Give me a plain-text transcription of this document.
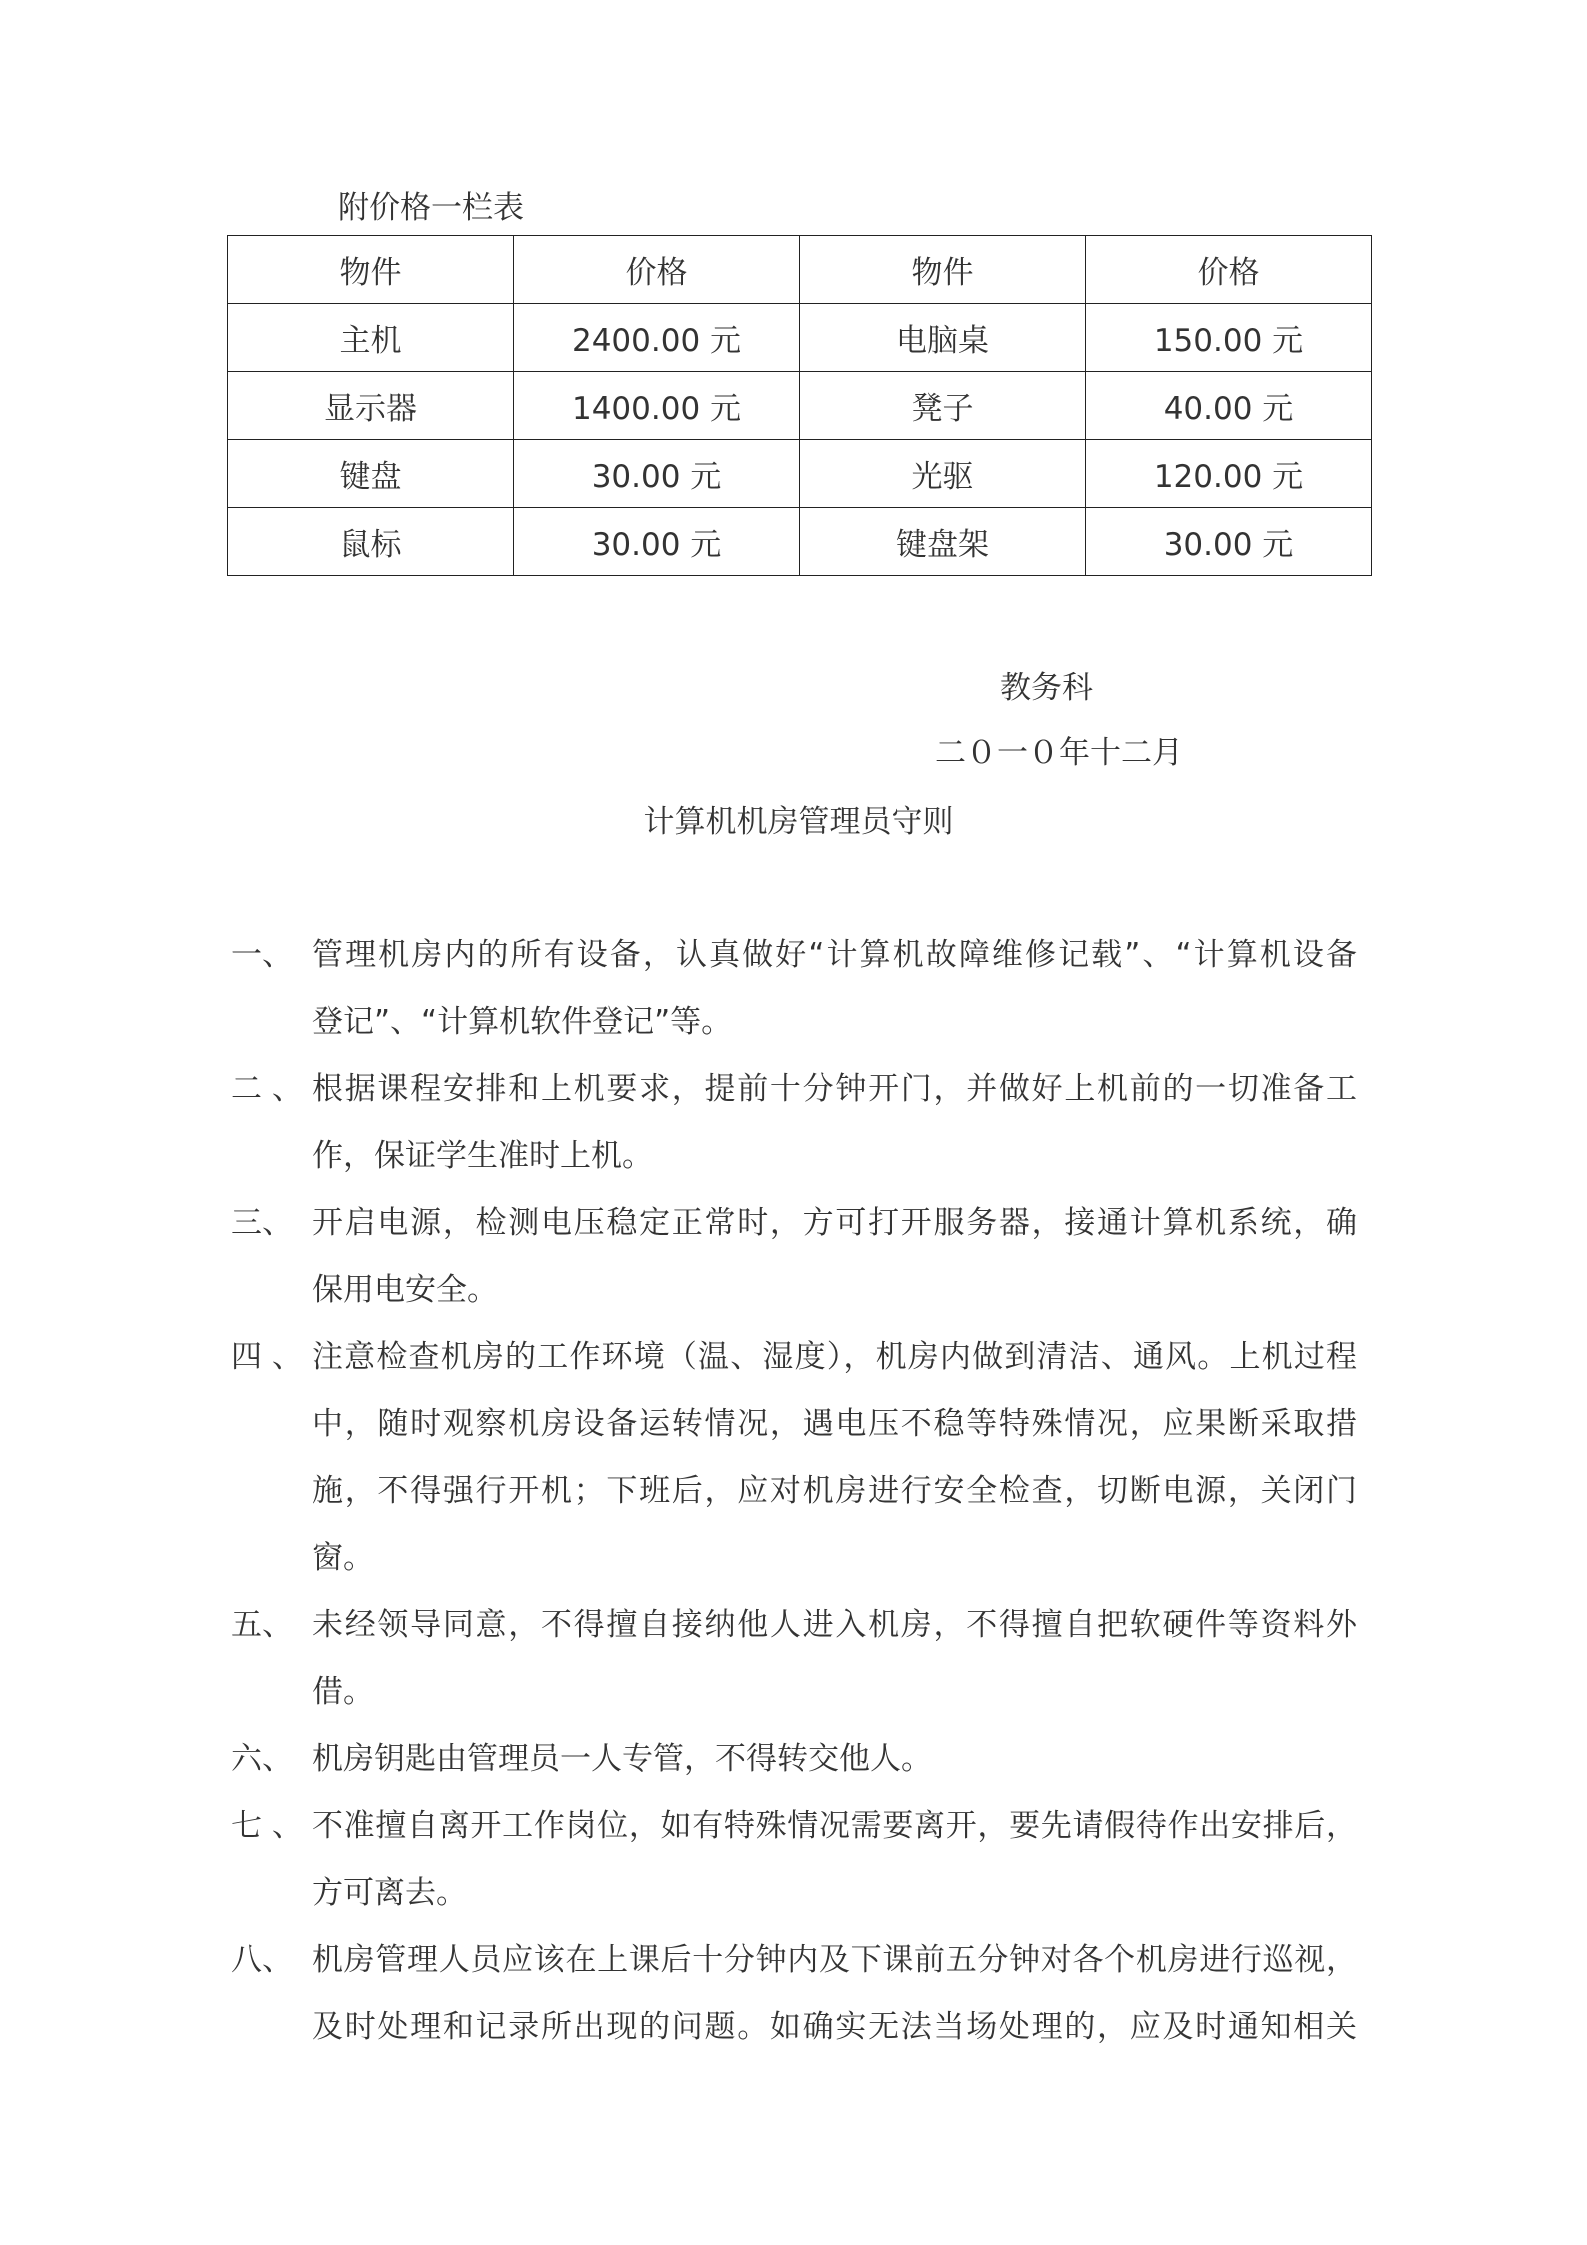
附价格一栏表
物件	价格	物件	价格
主机	2400.00 元	电脑桌	150.00 元
显示器	1400.00 元	凳子	40.00 元
键盘	30.00 元	光驱	120.00 元
鼠标	30.00 元	键盘架	30.00 元
教务科
二０一０年十二月
计算机机房管理员守则
一、 管理机房内的所有设备，认真做好“计算机故障维修记载”、“计算机设备
登记”、“计算机软件登记”等。
二 、 根据课程安排和上机要求，提前十分钟开门，并做好上机前的一切准备工
作，保证学生准时上机。
三、 开启电源，检测电压稳定正常时，方可打开服务器，接通计算机系统，确
保用电安全。
四 、 注意检查机房的工作环境（温、湿度），机房内做到清洁、通风。上机过程
中，随时观察机房设备运转情况，遇电压不稳等特殊情况，应果断采取措
施，不得强行开机；下班后，应对机房进行安全检查，切断电源，关闭门
窗。
五、 未经领导同意，不得擅自接纳他人进入机房，不得擅自把软硬件等资料外
借。
六、 机房钥匙由管理员一人专管，不得转交他人。
七 、 不准擅自离开工作岗位，如有特殊情况需要离开，要先请假待作出安排后，
方可离去。
八、 机房管理人员应该在上课后十分钟内及下课前五分钟对各个机房进行巡视，
及时处理和记录所出现的问题。如确实无法当场处理的，应及时通知相关
